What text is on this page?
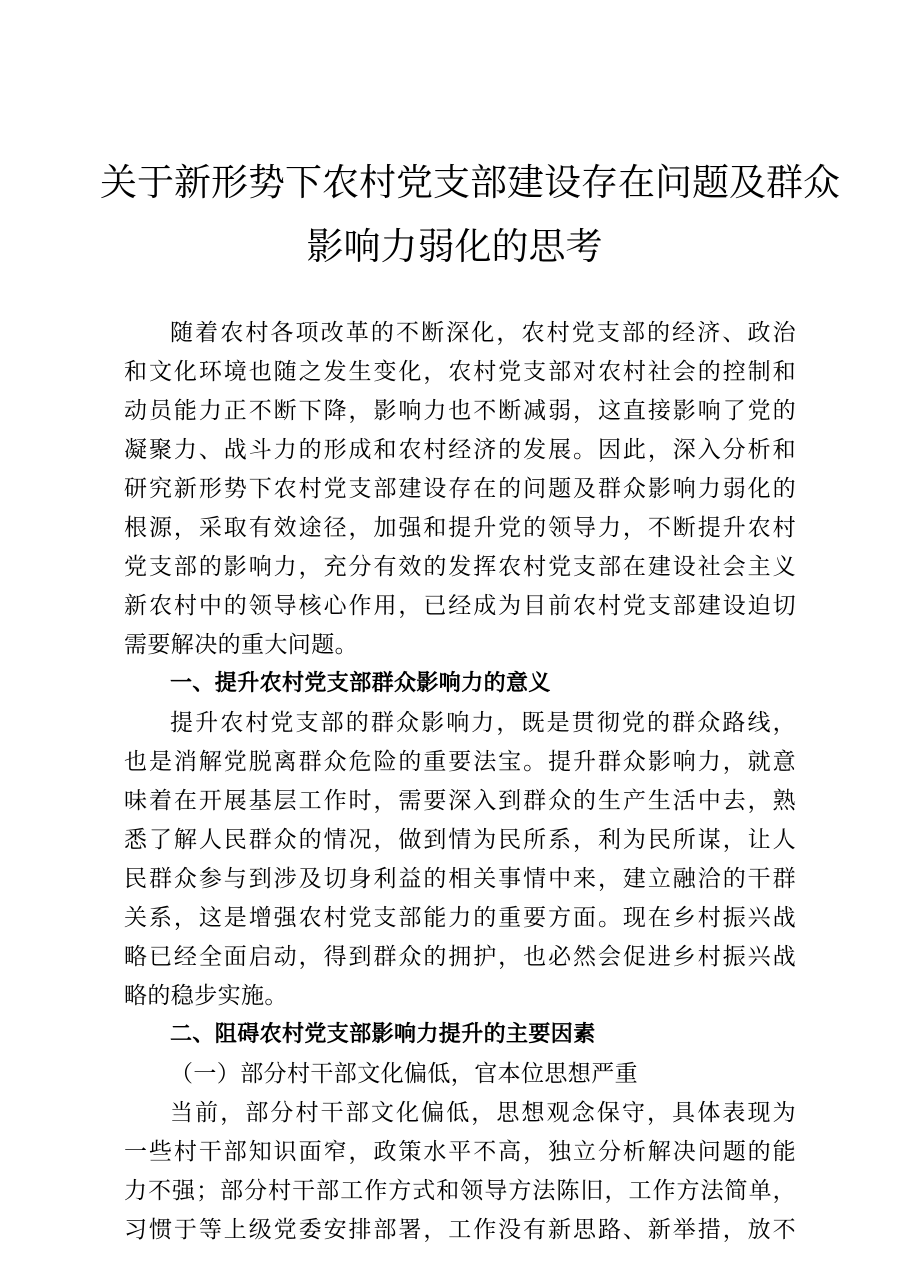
关于新形势下农村党支部建设存在问题及群众
影响力弱化的思考
随着农村各项改革的不断深化，农村党支部的经济、政治
和文化环境也随之发生变化，农村党支部对农村社会的控制和
动员能力正不断下降，影响力也不断减弱，这直接影响了党的
凝聚力、战斗力的形成和农村经济的发展。因此，深入分析和
研究新形势下农村党支部建设存在的问题及群众影响力弱化的
根源，采取有效途径，加强和提升党的领导力，不断提升农村
党支部的影响力，充分有效的发挥农村党支部在建设社会主义
新农村中的领导核心作用，已经成为目前农村党支部建设迫切
需要解决的重大问题。
一、提升农村党支部群众影响力的意义
提升农村党支部的群众影响力，既是贯彻党的群众路线，
也是消解党脱离群众危险的重要法宝。提升群众影响力，就意
味着在开展基层工作时，需要深入到群众的生产生活中去，熟
悉了解人民群众的情况，做到情为民所系，利为民所谋，让人
民群众参与到涉及切身利益的相关事情中来，建立融洽的干群
关系，这是增强农村党支部能力的重要方面。现在乡村振兴战
略已经全面启动，得到群众的拥护，也必然会促进乡村振兴战
略的稳步实施。
二、阻碍农村党支部影响力提升的主要因素
（一）部分村干部文化偏低，官本位思想严重
当前，部分村干部文化偏低，思想观念保守，具体表现为
一些村干部知识面窄，政策水平不高，独立分析解决问题的能
力不强；部分村干部工作方式和领导方法陈旧，工作方法简单，
习惯于等上级党委安排部署，工作没有新思路、新举措，放不
